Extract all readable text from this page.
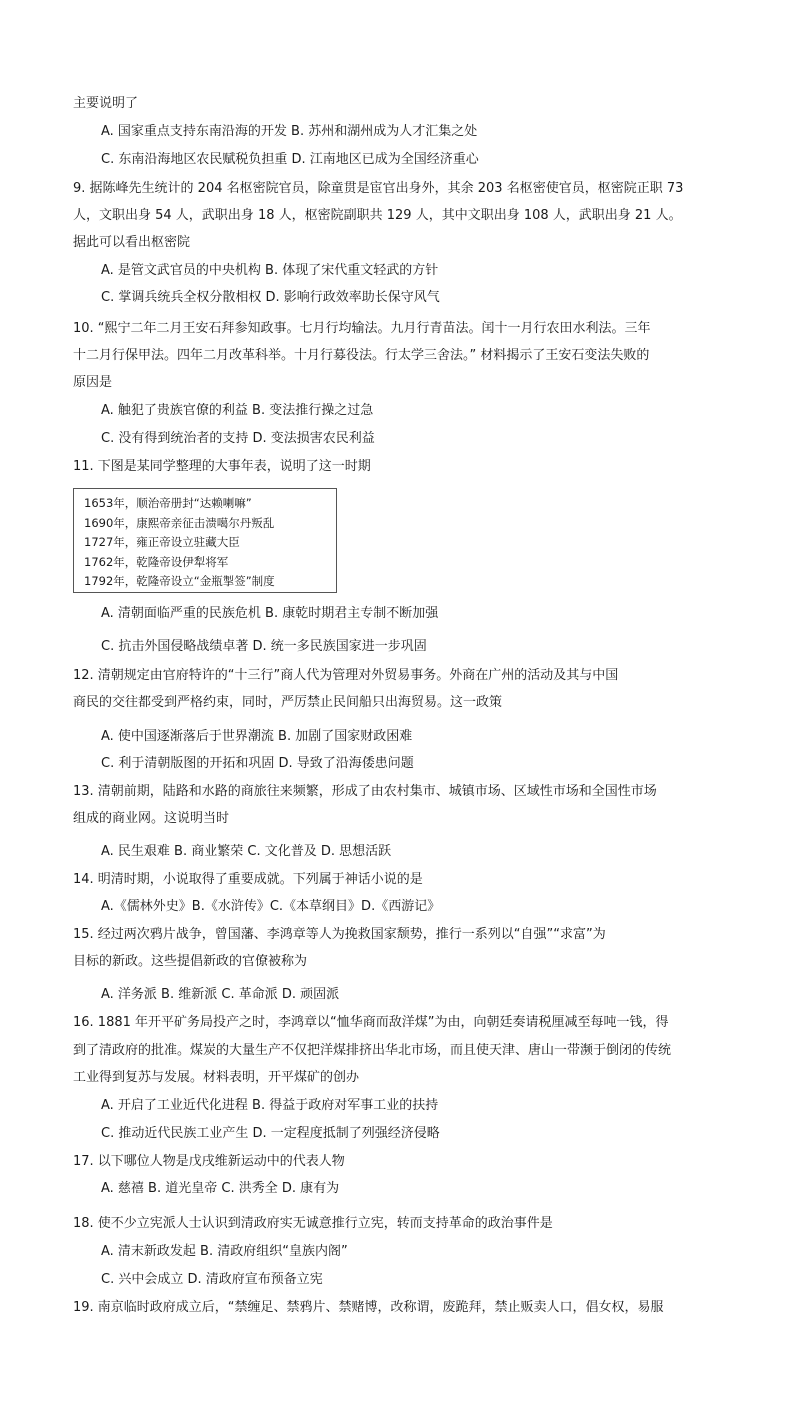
主要说明了
A. 国家重点支持东南沿海的开发 B. 苏州和湖州成为人才汇集之处
C. 东南沿海地区农民赋税负担重 D. 江南地区已成为全国经济重心
9. 据陈峰先生统计的 204 名枢密院官员，除童贯是宦官出身外，其余 203 名枢密使官员，枢密院正职 73
人，文职出身 54 人，武职出身 18 人，枢密院副职共 129 人，其中文职出身 108 人，武职出身 21 人。
据此可以看出枢密院
A. 是管文武官员的中央机构 B. 体现了宋代重文轻武的方针
C. 掌调兵统兵全权分散相权 D. 影响行政效率助长保守风气
10. “熙宁二年二月王安石拜参知政事。七月行均输法。九月行青苗法。闰十一月行农田水利法。三年
十二月行保甲法。四年二月改革科举。十月行募役法。行太学三舍法。” 材料揭示了王安石变法失败的
原因是
A. 触犯了贵族官僚的利益 B. 变法推行操之过急
C. 没有得到统治者的支持 D. 变法损害农民利益
11. 下图是某同学整理的大事年表，说明了这一时期
1653年，顺治帝册封“达赖喇嘛”
1690年，康熙帝亲征击溃噶尔丹叛乱
1727年，雍正帝设立驻藏大臣
1762年，乾隆帝设伊犁将军
1792年，乾隆帝设立“金瓶掣签”制度
A. 清朝面临严重的民族危机 B. 康乾时期君主专制不断加强
C. 抗击外国侵略战绩卓著 D. 统一多民族国家进一步巩固
12. 清朝规定由官府特许的“十三行”商人代为管理对外贸易事务。外商在广州的活动及其与中国
商民的交往都受到严格约束，同时，严厉禁止民间船只出海贸易。这一政策
A. 使中国逐渐落后于世界潮流 B. 加剧了国家财政困难
C. 利于清朝版图的开拓和巩固 D. 导致了沿海倭患问题
13. 清朝前期，陆路和水路的商旅往来频繁，形成了由农村集市、城镇市场、区域性市场和全国性市场
组成的商业网。这说明当时
A. 民生艰难 B. 商业繁荣 C. 文化普及 D. 思想活跃
14. 明清时期，小说取得了重要成就。下列属于神话小说的是
A.《儒林外史》B.《水浒传》C.《本草纲目》D.《西游记》
15. 经过两次鸦片战争，曾国藩、李鸿章等人为挽救国家颓势，推行一系列以“自强”“求富”为
目标的新政。这些提倡新政的官僚被称为
A. 洋务派 B. 维新派 C. 革命派 D. 顽固派
16. 1881 年开平矿务局投产之时，李鸿章以“恤华商而敌洋煤”为由，向朝廷奏请税厘减至每吨一钱，得
到了清政府的批准。煤炭的大量生产不仅把洋煤排挤出华北市场，而且使天津、唐山一带濒于倒闭的传统
工业得到复苏与发展。材料表明，开平煤矿的创办
A. 开启了工业近代化进程 B. 得益于政府对军事工业的扶持
C. 推动近代民族工业产生 D. 一定程度抵制了列强经济侵略
17. 以下哪位人物是戊戌维新运动中的代表人物
A. 慈禧 B. 道光皇帝 C. 洪秀全 D. 康有为
18. 使不少立宪派人士认识到清政府实无诚意推行立宪，转而支持革命的政治事件是
A. 清末新政发起 B. 清政府组织“皇族内阁”
C. 兴中会成立 D. 清政府宣布预备立宪
19. 南京临时政府成立后，“禁缠足、禁鸦片、禁赌博，改称谓，废跪拜，禁止贩卖人口，倡女权，易服
